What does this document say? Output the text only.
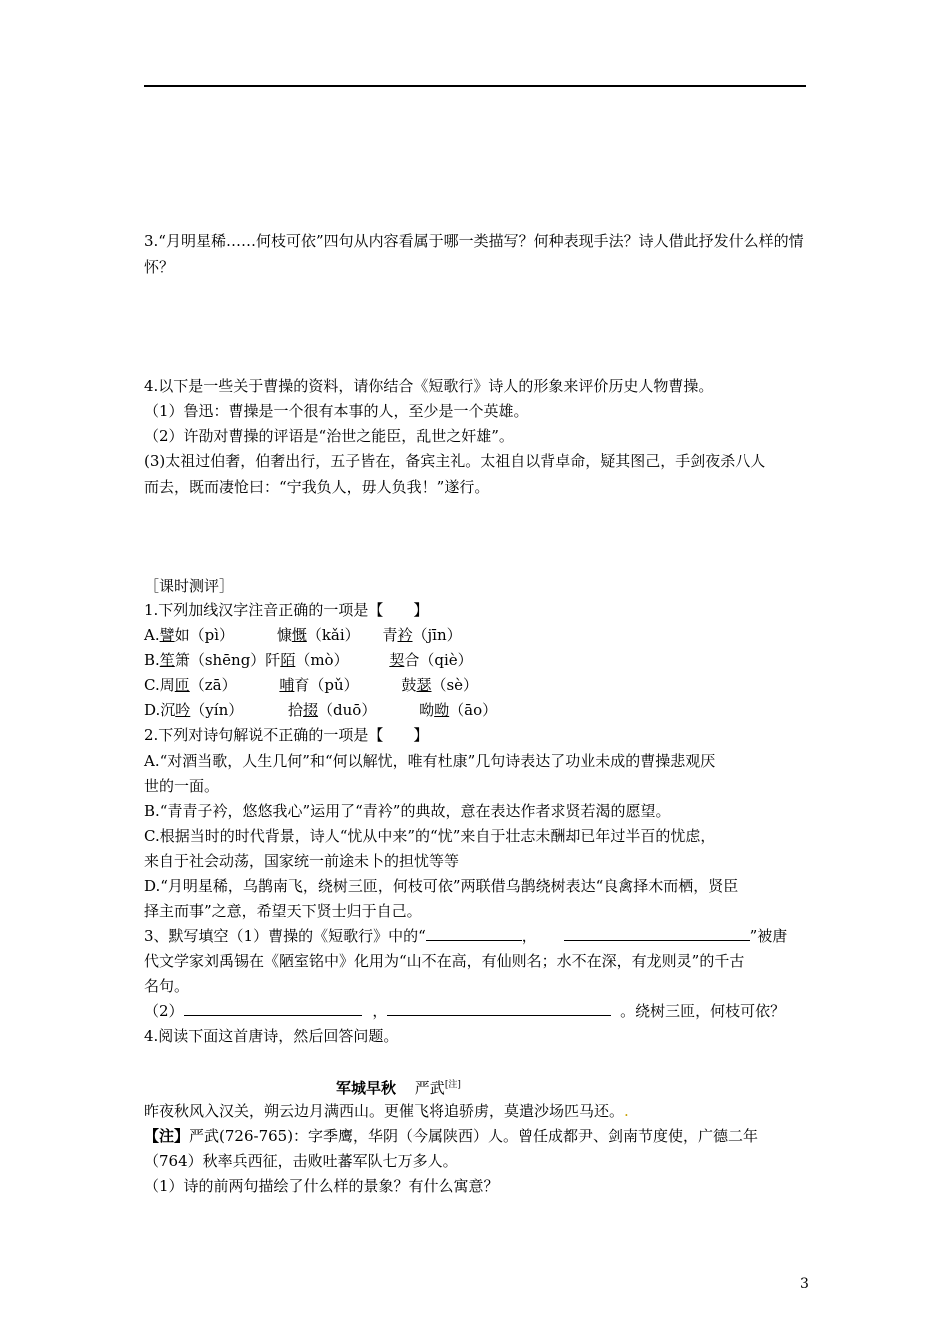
3.“月明星稀……何枝可依”四句从内容看属于哪一类描写？何种表现手法？诗人借此抒发什么样的情怀？
4.以下是一些关于曹操的资料，请你结合《短歌行》诗人的形象来评价历史人物曹操。
（1）鲁迅：曹操是一个很有本事的人，至少是一个英雄。
（2）许劭对曹操的评语是“治世之能臣，乱世之奸雄”。
(3)太祖过伯奢，伯奢出行，五子皆在，备宾主礼。太祖自以背卓命，疑其图己，手剑夜杀八人
而去，既而凄怆曰：“宁我负人，毋人负我！”遂行。
［课时测评］
1.下列加线汉字注音正确的一项是【　　】
A.譬如（pì）	慷慨（kǎi） 青衿（jīn）
B.笙箫（shēng）阡陌（mò）	契合（qiè）
C.周匝（zā）	哺育（pǔ）	鼓瑟（sè）
D.沉吟（yín）	拾掇（duō）	呦呦（āo）
2.下列对诗句解说不正确的一项是【　　】
A.“对酒当歌，人生几何”和“何以解忧，唯有杜康”几句诗表达了功业未成的曹操悲观厌
世的一面。
B.“青青子衿，悠悠我心”运用了“青衿”的典故，意在表达作者求贤若渴的愿望。
C.根据当时的时代背景，诗人“忧从中来”的“忧”来自于壮志未酬却已年过半百的忧虑，
来自于社会动荡，国家统一前途未卜的担忧等等
D.“月明星稀，乌鹊南飞，绕树三匝，何枝可依”两联借乌鹊绕树表达“良禽择木而栖，贤臣
择主而事”之意，希望天下贤士归于自己。
3、默写填空（1）曹操的《短歌行》中的“	，	”被唐
代文学家刘禹锡在《陋室铭中》化用为“山不在高，有仙则名；水不在深，有龙则灵”的千古
名句。
（2）	，	。绕树三匝，何枝可依？
4.阅读下面这首唐诗，然后回答问题。
军城早秋 严武[注]
昨夜秋风入汉关，朔云边月满西山。更催飞将追骄虏，莫遣沙场匹马还。.
【注】严武(726-765)：字季鹰，华阴（今属陕西）人。曾任成都尹、剑南节度使，广德二年
（764）秋率兵西征，击败吐蕃军队七万多人。
（1）诗的前两句描绘了什么样的景象？有什么寓意？
3
